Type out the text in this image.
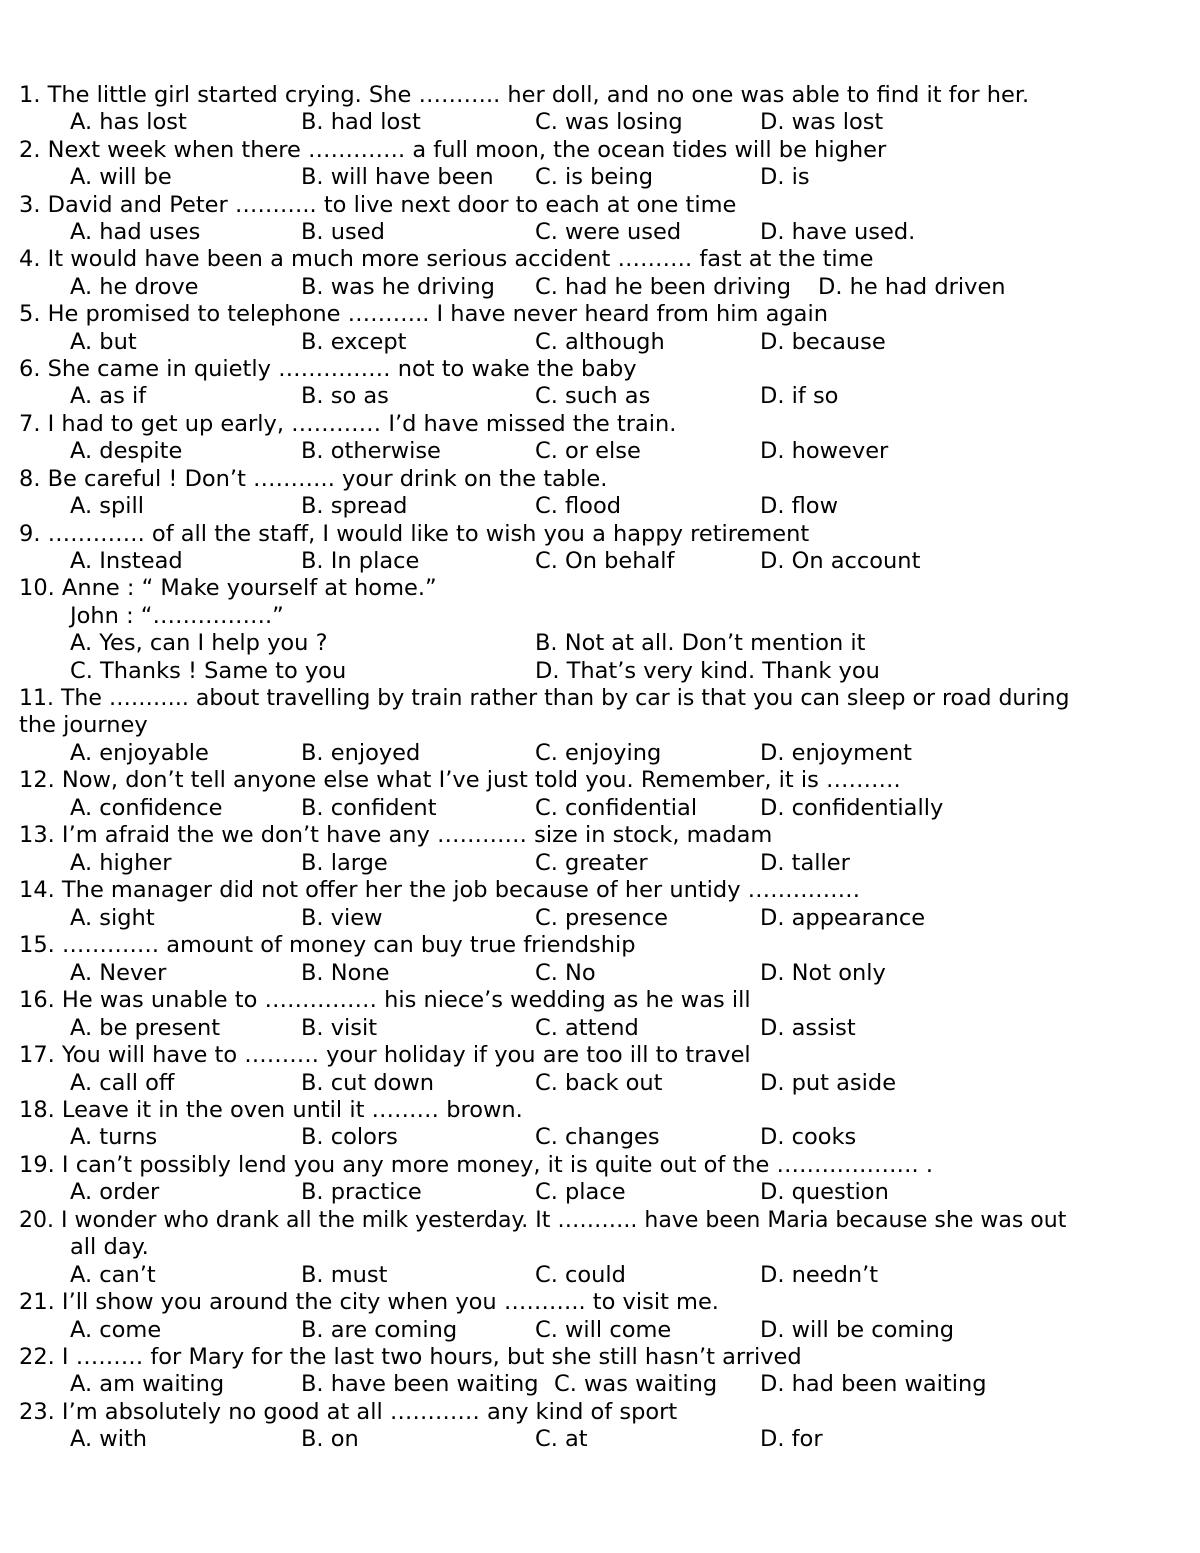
1. The little girl started crying. She ……….. her doll, and no one was able to find it for her.
A. has lost	B. had lost	C. was losing	D. was lost
2. Next week when there …………. a full moon, the ocean tides will be higher
A. will be	B. will have been C. is being	D. is
3. David and Peter ……….. to live next door to each at one time
A. had uses	B. used	C. were used	D. have used.
4. It would have been a much more serious accident ………. fast at the time
A. he drove	B. was he driving C. had he been driving D. he had driven
5. He promised to telephone ……….. I have never heard from him again
A. but	B. except	C. although	D. because
6. She came in quietly …………… not to wake the baby
A. as if	B. so as	C. such as	D. if so
7. I had to get up early, ………… I’d have missed the train.
A. despite	B. otherwise	C. or else	D. however
8. Be careful ! Don’t ……….. your drink on the table.
A. spill	B. spread	C. flood	D. flow
9. …………. of all the staff, I would like to wish you a happy retirement
A. Instead	B. In place	C. On behalf	D. On account
10. Anne : “ Make yourself at home.”
John : “…………….”
A. Yes, can I help you ?	B. Not at all. Don’t mention it
C. Thanks ! Same to you	D. That’s very kind. Thank you
11. The ……….. about travelling by train rather than by car is that you can sleep or road during
the journey
A. enjoyable	B. enjoyed	C. enjoying	D. enjoyment
12. Now, don’t tell anyone else what I’ve just told you. Remember, it is ……….
A. confidence	B. confident	C. confidential	D. confidentially
13. I’m afraid the we don’t have any ………… size in stock, madam
A. higher	B. large	C. greater	D. taller
14. The manager did not offer her the job because of her untidy ……………
A. sight	B. view	C. presence	D. appearance
15. …………. amount of money can buy true friendship
A. Never	B. None	C. No	D. Not only
16. He was unable to …………… his niece’s wedding as he was ill
A. be present	B. visit	C. attend	D. assist
17. You will have to ………. your holiday if you are too ill to travel
A. call off	B. cut down	C. back out	D. put aside
18. Leave it in the oven until it ……… brown.
A. turns	B. colors	C. changes	D. cooks
19. I can’t possibly lend you any more money, it is quite out of the ………………. .
A. order	B. practice	C. place	D. question
20. I wonder who drank all the milk yesterday. It ……….. have been Maria because she was out
all day.
A. can’t	B. must	C. could	D. needn’t
21. I’ll show you around the city when you ……….. to visit me.
A. come	B. are coming	C. will come	D. will be coming
22. I ……… for Mary for the last two hours, but she still hasn’t arrived
A. am waiting	B. have been waiting C. was waiting D. had been waiting
23. I’m absolutely no good at all ………… any kind of sport
A. with	B. on	C. at	D. for
